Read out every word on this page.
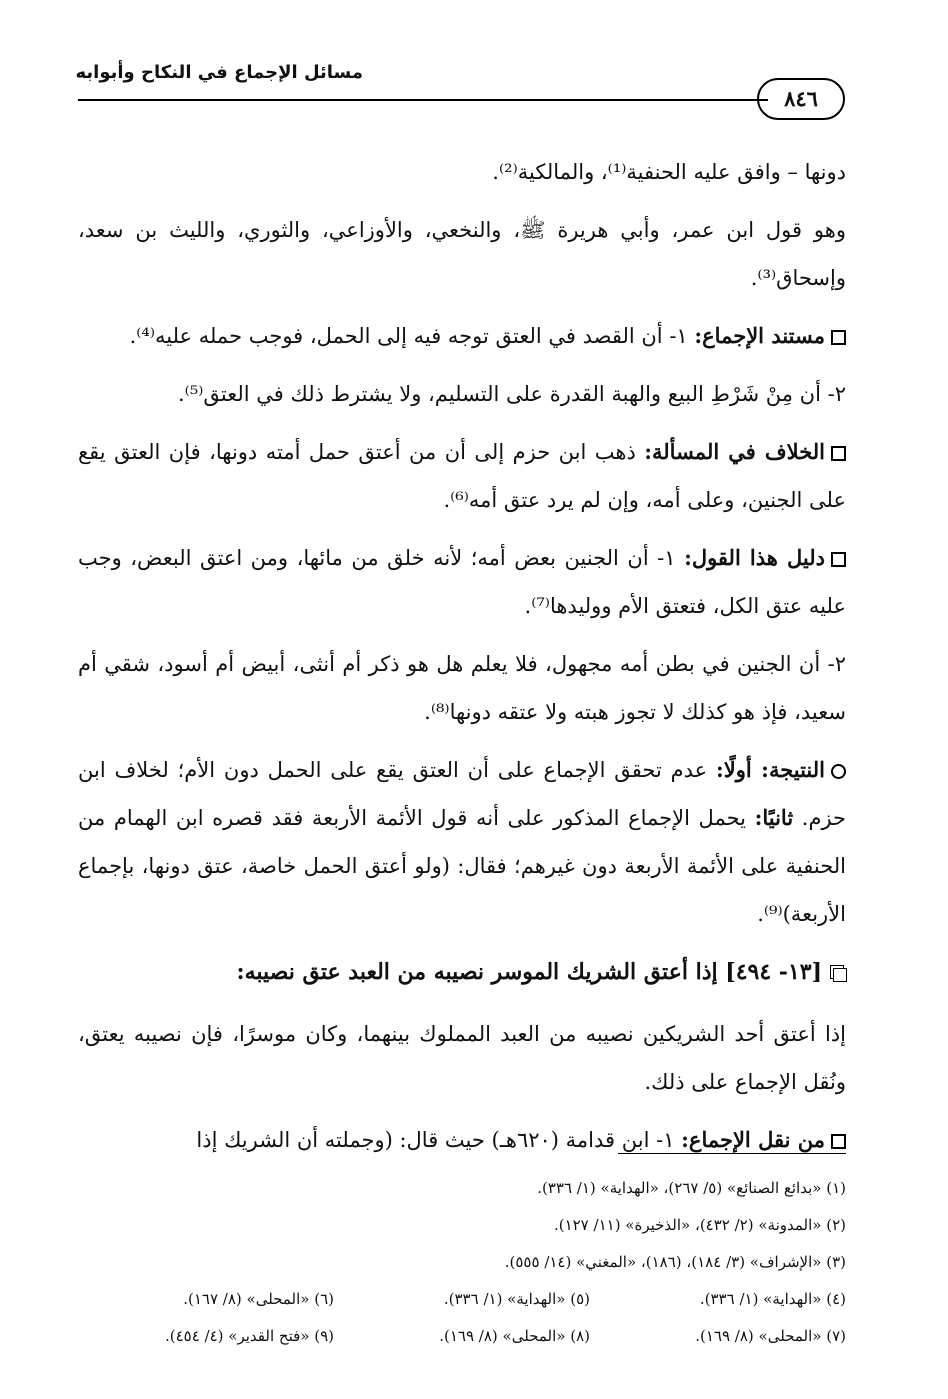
مسائل الإجماع في النكاح وأبوابه
٨٤٦

دونها – وافق عليه الحنفية⁽¹⁾، والمالكية⁽²⁾.

وهو قول ابن عمر، وأبي هريرة ﷺ، والنخعي، والأوزاعي، والثوري، والليث بن سعد، وإسحاق⁽³⁾.

مستند الإجماع: ١- أن القصد في العتق توجه فيه إلى الحمل، فوجب حمله عليه⁽⁴⁾.

٢- أن مِنْ شَرْطِ البيع والهبة القدرة على التسليم، ولا يشترط ذلك في العتق⁽⁵⁾.

الخلاف في المسألة: ذهب ابن حزم إلى أن من أعتق حمل أمته دونها، فإن العتق يقع على الجنين، وعلى أمه، وإن لم يرد عتق أمه⁽⁶⁾.

دليل هذا القول: ١- أن الجنين بعض أمه؛ لأنه خلق من مائها، ومن اعتق البعض، وجب عليه عتق الكل، فتعتق الأم ووليدها⁽⁷⁾.

٢- أن الجنين في بطن أمه مجهول، فلا يعلم هل هو ذكر أم أنثى، أبيض أم أسود، شقي أم سعيد، فإذ هو كذلك لا تجوز هبته ولا عتقه دونها⁽⁸⁾.

النتيجة: أولًا: عدم تحقق الإجماع على أن العتق يقع على الحمل دون الأم؛ لخلاف ابن حزم. ثانيًا: يحمل الإجماع المذكور على أنه قول الأئمة الأربعة فقد قصره ابن الهمام من الحنفية على الأئمة الأربعة دون غيرهم؛ فقال: (ولو أعتق الحمل خاصة، عتق دونها، بإجماع الأربعة)⁽⁹⁾.

[١٣- ٤٩٤] إذا أعتق الشريك الموسر نصيبه من العبد عتق نصيبه:

إذا أعتق أحد الشريكين نصيبه من العبد المملوك بينهما، وكان موسرًا، فإن نصيبه يعتق، ونُقل الإجماع على ذلك.

من نقل الإجماع: ١- ابن قدامة (٦٢٠هـ) حيث قال: (وجملته أن الشريك إذا

(١) «بدائع الصنائع» (٥/ ٢٦٧)، «الهداية» (١/ ٣٣٦).
(٢) «المدونة» (٢/ ٤٣٢)، «الذخيرة» (١١/ ١٢٧).
(٣) «الإشراف» (٣/ ١٨٤)، (١٨٦)، «المغني» (١٤/ ٥٥٥).
(٤) «الهداية» (١/ ٣٣٦).
(٥) «الهداية» (١/ ٣٣٦).
(٦) «المحلى» (٨/ ١٦٧).
(٧) «المحلى» (٨/ ١٦٩).
(٨) «المحلى» (٨/ ١٦٩).
(٩) «فتح القدير» (٤/ ٤٥٤).
